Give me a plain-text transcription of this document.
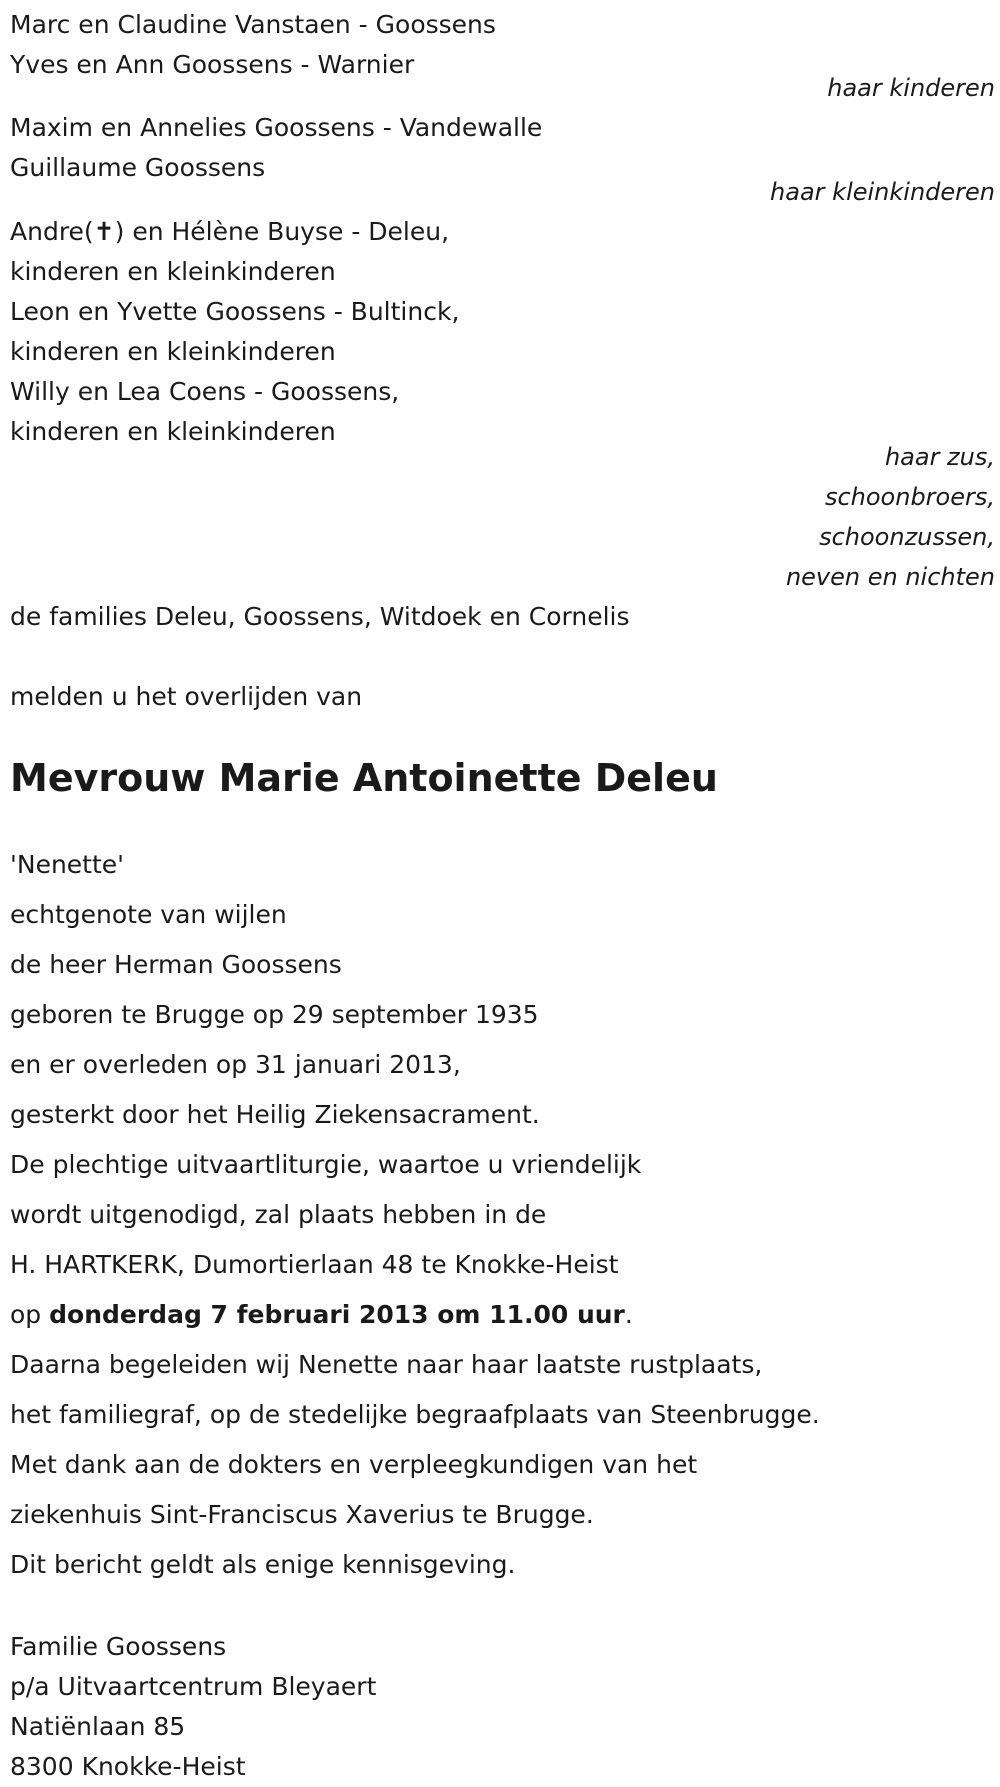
Marc en Claudine Vanstaen - Goossens
Yves en Ann Goossens - Warnier
haar kinderen
Maxim en Annelies Goossens - Vandewalle
Guillaume Goossens
haar kleinkinderen
Andre(✝) en Hélène Buyse - Deleu,
kinderen en kleinkinderen
Leon en Yvette Goossens - Bultinck,
kinderen en kleinkinderen
Willy en Lea Coens - Goossens,
kinderen en kleinkinderen
haar zus,
schoonbroers,
schoonzussen,
neven en nichten
de families Deleu, Goossens, Witdoek en Cornelis
melden u het overlijden van
Mevrouw Marie Antoinette Deleu
'Nenette'
echtgenote van wijlen
de heer Herman Goossens
geboren te Brugge op 29 september 1935
en er overleden op 31 januari 2013,
gesterkt door het Heilig Ziekensacrament.
De plechtige uitvaartliturgie, waartoe u vriendelijk
wordt uitgenodigd, zal plaats hebben in de
H. HARTKERK, Dumortierlaan 48 te Knokke-Heist
op donderdag 7 februari 2013 om 11.00 uur.
Daarna begeleiden wij Nenette naar haar laatste rustplaats,
het familiegraf, op de stedelijke begraafplaats van Steenbrugge.
Met dank aan de dokters en verpleegkundigen van het
ziekenhuis Sint-Franciscus Xaverius te Brugge.
Dit bericht geldt als enige kennisgeving.
Familie Goossens
p/a Uitvaartcentrum Bleyaert
Natiënlaan 85
8300 Knokke-Heist
